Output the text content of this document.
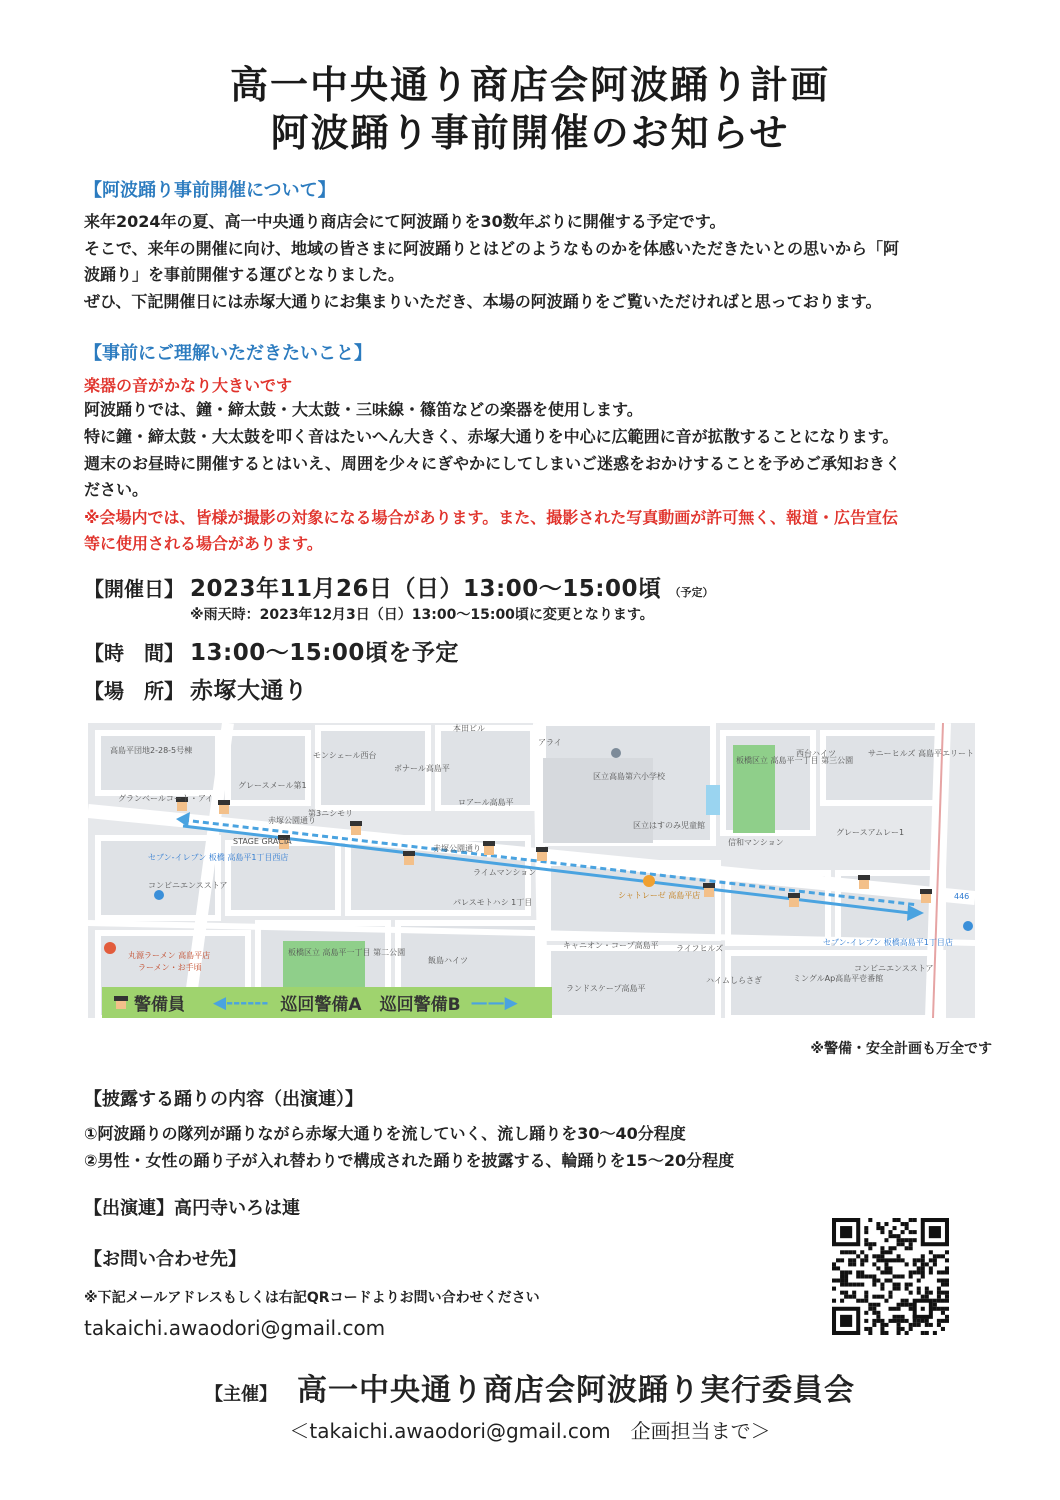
高一中央通り商店会阿波踊り計画
阿波踊り事前開催のお知らせ
【阿波踊り事前開催について】
来年2024年の夏、高一中央通り商店会にて阿波踊りを30数年ぶりに開催する予定です。
そこで、来年の開催に向け、地域の皆さまに阿波踊りとはどのようなものかを体感いただきたいとの思いから「阿
波踊り」を事前開催する運びとなりました。
ぜひ、下記開催日には赤塚大通りにお集まりいただき、本場の阿波踊りをご覧いただければと思っております。
【事前にご理解いただきたいこと】
楽器の音がかなり大きいです
阿波踊りでは、鐘・締太鼓・大太鼓・三味線・篠笛などの楽器を使用します。
特に鐘・締太鼓・大太鼓を叩く音はたいへん大きく、赤塚大通りを中心に広範囲に音が拡散することになります。
週末のお昼時に開催するとはいえ、周囲を少々にぎやかにしてしまいご迷惑をおかけすることを予めご承知おきく
ださい。
※会場内では、皆様が撮影の対象になる場合があります。また、撮影された写真動画が許可無く、報道・広告宣伝
等に使用される場合があります。
【開催日】 2023年11月26日（日）13:00〜15:00頃 （予定）
※雨天時：2023年12月3日（日）13:00〜15:00頃に変更となります。
【時　間】 13:00〜15:00頃を予定
【場　所】 赤塚大通り
本田ビル
アライ
高島平団地2-28-5号棟
モンシェール西台
ボナール高島平
区立高島第六小学校
板橋区立 高島平一丁目 第三公園
西台ハイツ	サニーヒルズ 高島平エリート
グレースメール第1
グランベールコート・アイ
第3ニシモリ
ロアール高島平
区立はすのみ児童館
グレースアムレー1
STAGE GRACIA
赤塚公園通り
赤塚公園通り
信和マンション
セブン-イレブン 板橋 高島平1丁目西店
コンビニエンスストア
ライムマンション
シャトレーゼ 高島平店
パレスモトハシ 1丁目
丸源ラーメン 高島平店
ラーメン・お手頃
板橋区立 高島平一丁目 第二公園
飯島ハイツ
キャニオン・コープ高島平 ライフヒルズ
セブン-イレブン 板橋高島平1丁目店
コンビニエンスストア
ミングルAp高島平壱番館
ランドスケープ高島平
ハイムしらさぎ
446
警備員 ◀------ 巡回警備A 巡回警備B ——▶
※警備・安全計画も万全です
【披露する踊りの内容（出演連）】
①阿波踊りの隊列が踊りながら赤塚大通りを流していく、流し踊りを30〜40分程度
②男性・女性の踊り子が入れ替わりで構成された踊りを披露する、輪踊りを15〜20分程度
【出演連】高円寺いろは連
【お問い合わせ先】
※下記メールアドレスもしくは右記QRコードよりお問い合わせください
takaichi.awaodori@gmail.com
【主催】 高一中央通り商店会阿波踊り実行委員会
＜takaichi.awaodori@gmail.com　企画担当まで＞
